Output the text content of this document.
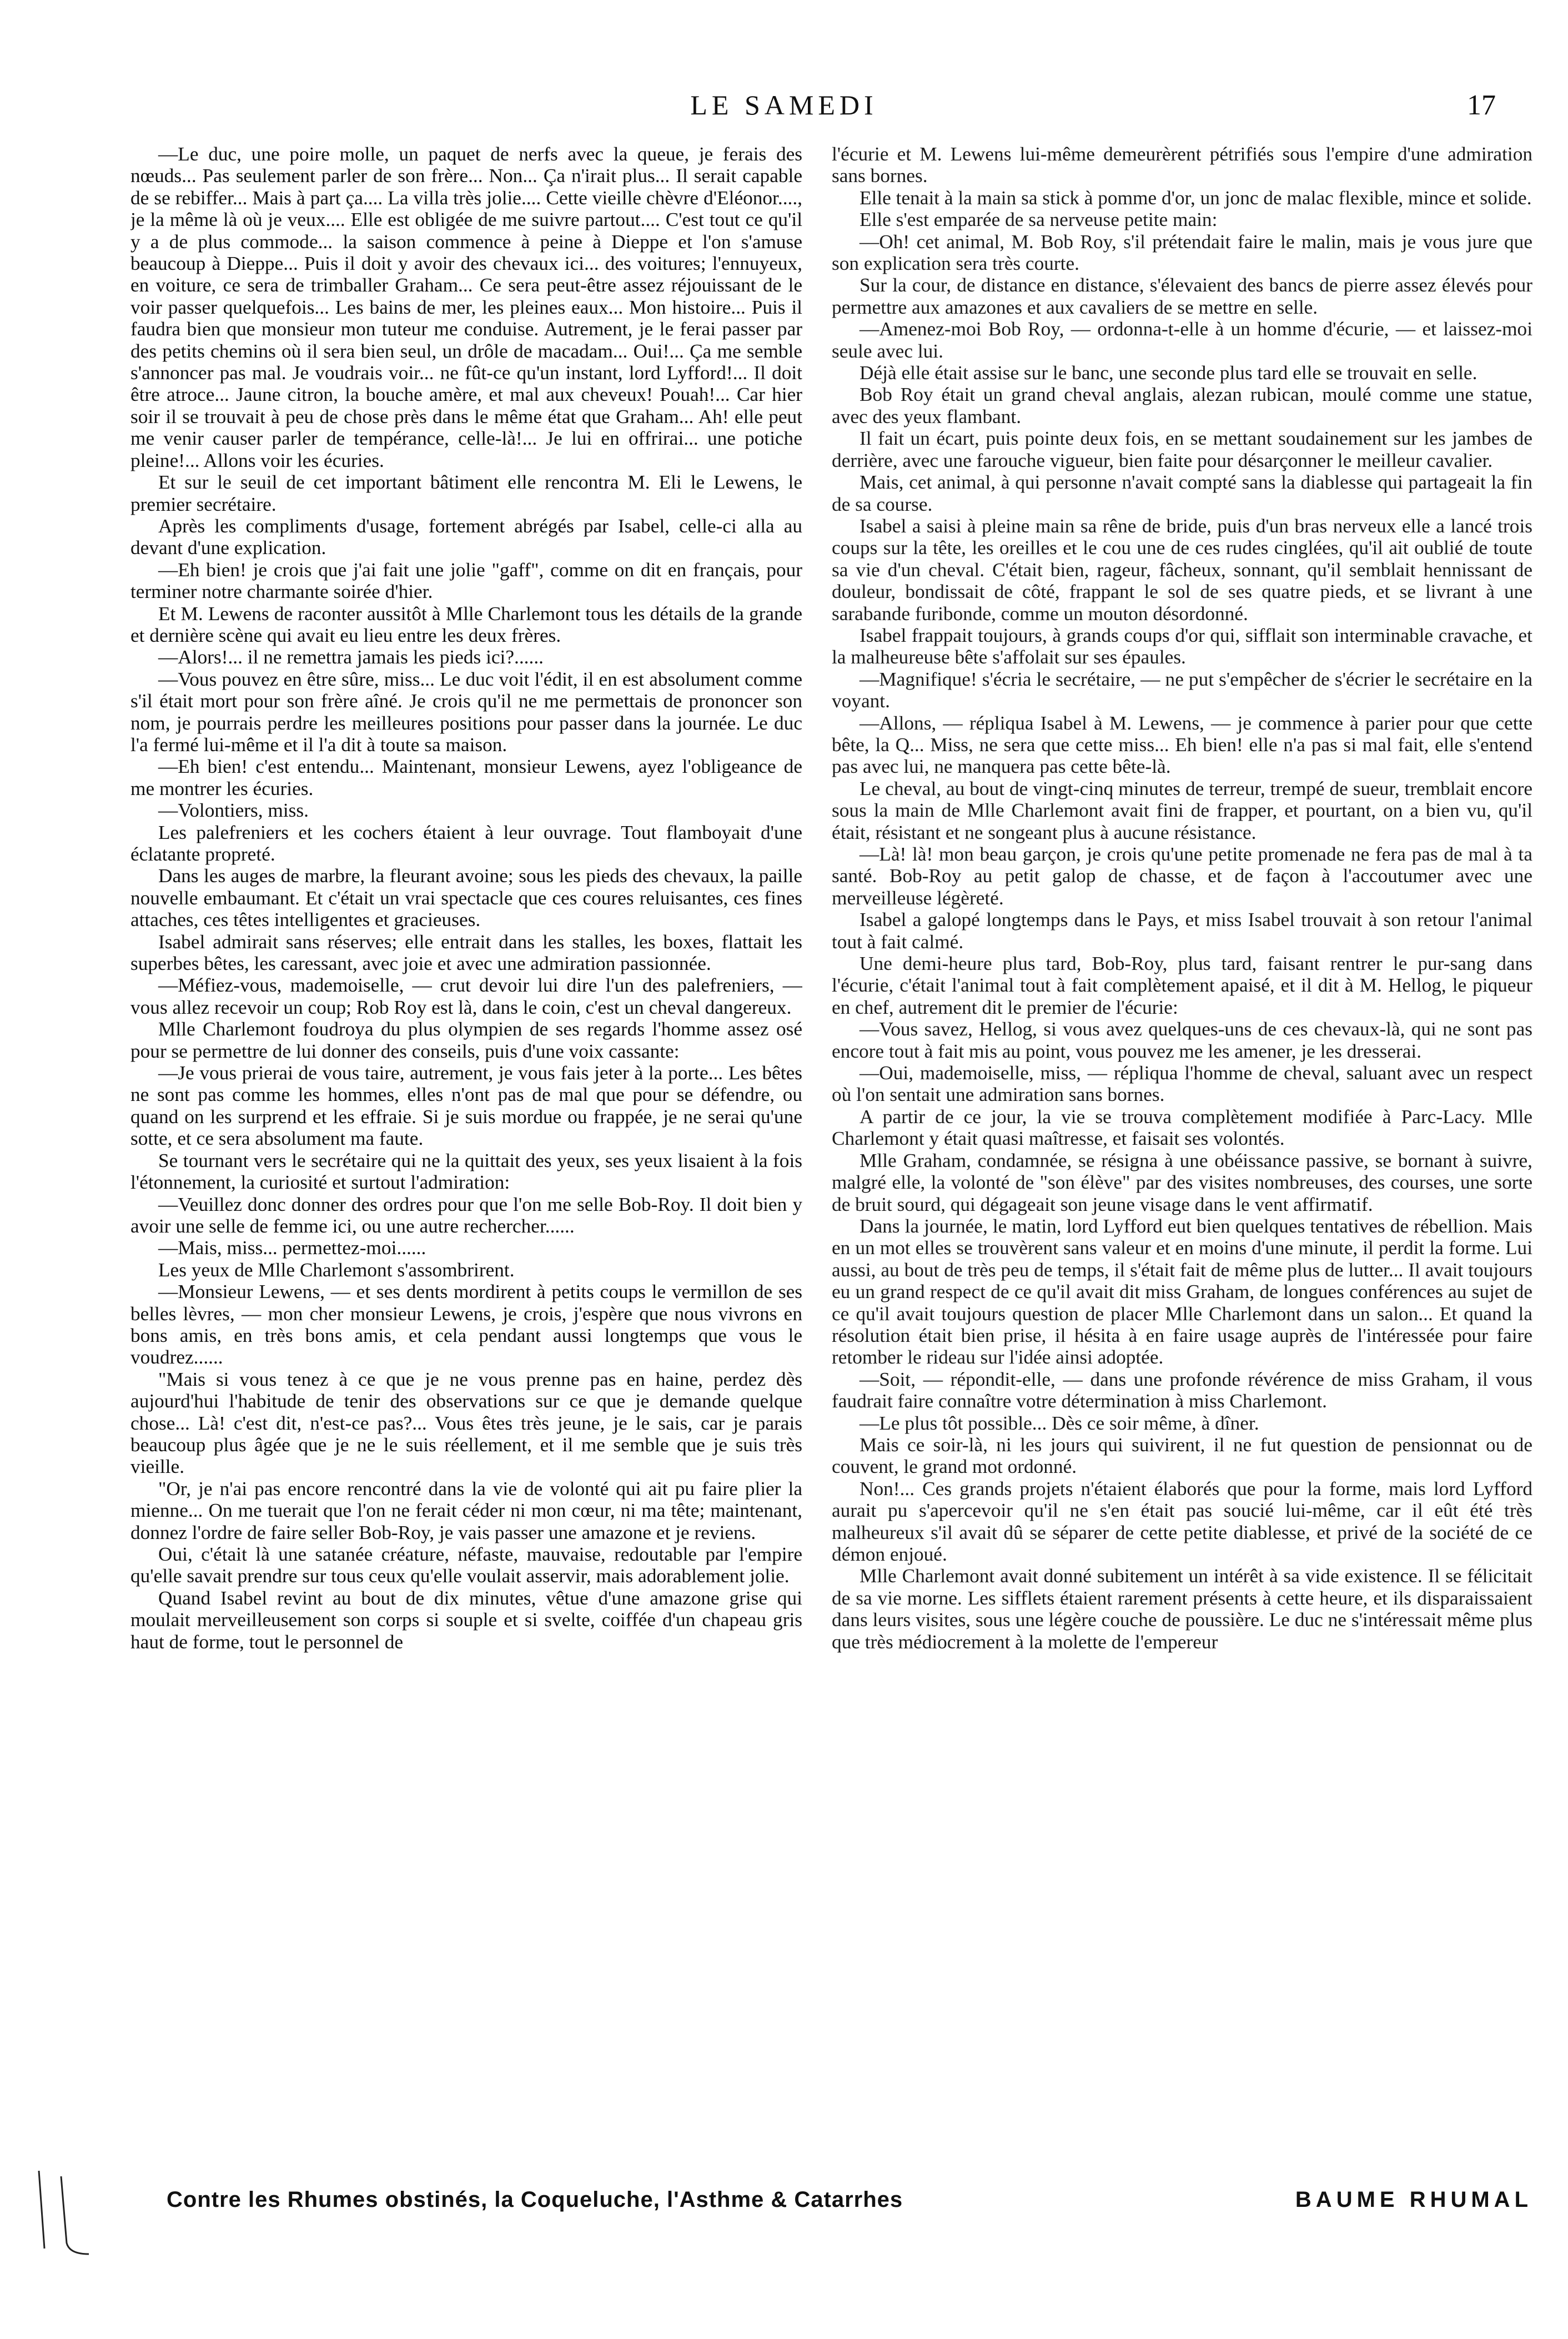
LE SAMEDI	17

—Le duc, une poire molle, un paquet de nerfs avec la queue, je ferais des nœuds... Pas seulement parler de son frère... Non... Ça n'irait plus... Il serait capable de se rebiffer... Mais à part ça.... La villa très jolie.... Cette vieille chèvre d'Eléonor...., je la même là où je veux.... Elle est obligée de me suivre partout.... C'est tout ce qu'il y a de plus commode... la saison commence à peine à Dieppe et l'on s'amuse beaucoup à Dieppe... Puis il doit y avoir des chevaux ici... des voitures; l'ennuyeux, en voiture, ce sera de trimballer Graham... Ce sera peut-être assez réjouissant de le voir passer quelquefois... Les bains de mer, les pleines eaux... Mon histoire... Puis il faudra bien que monsieur mon tuteur me conduise. Autrement, je le ferai passer par des petits chemins où il sera bien seul, un drôle de macadam... Oui!... Ça me semble s'annoncer pas mal. Je voudrais voir... ne fût-ce qu'un instant, lord Lyfford!... Il doit être atroce... Jaune citron, la bouche amère, et mal aux cheveux! Pouah!... Car hier soir il se trouvait à peu de chose près dans le même état que Graham... Ah! elle peut me venir causer parler de tempérance, celle-là!... Je lui en offrirai... une potiche pleine!... Allons voir les écuries.

Et sur le seuil de cet important bâtiment elle rencontra M. Eli le Lewens, le premier secrétaire.

Après les compliments d'usage, fortement abrégés par Isabel, celle-ci alla au devant d'une explication.

—Eh bien! je crois que j'ai fait une jolie "gaff", comme on dit en français, pour terminer notre charmante soirée d'hier.

Et M. Lewens de raconter aussitôt à Mlle Charlemont tous les détails de la grande et dernière scène qui avait eu lieu entre les deux frères.

—Alors!... il ne remettra jamais les pieds ici?......

—Vous pouvez en être sûre, miss... Le duc voit l'édit, il en est absolument comme s'il était mort pour son frère aîné. Je crois qu'il ne me permettais de prononcer son nom, je pourrais perdre les meilleures positions pour passer dans la journée. Le duc l'a fermé lui-même et il l'a dit à toute sa maison.

—Eh bien! c'est entendu... Maintenant, monsieur Lewens, ayez l'obligeance de me montrer les écuries.

—Volontiers, miss.

Les palefreniers et les cochers étaient à leur ouvrage. Tout flamboyait d'une éclatante propreté.

Dans les auges de marbre, la fleurant avoine; sous les pieds des chevaux, la paille nouvelle embaumant. Et c'était un vrai spectacle que ces coures reluisantes, ces fines attaches, ces têtes intelligentes et gracieuses.

Isabel admirait sans réserves; elle entrait dans les stalles, les boxes, flattait les superbes bêtes, les caressant, avec joie et avec une admiration passionnée.

—Méfiez-vous, mademoiselle, — crut devoir lui dire l'un des palefreniers, — vous allez recevoir un coup; Rob Roy est là, dans le coin, c'est un cheval dangereux.

Mlle Charlemont foudroya du plus olympien de ses regards l'homme assez osé pour se permettre de lui donner des conseils, puis d'une voix cassante:

—Je vous prierai de vous taire, autrement, je vous fais jeter à la porte... Les bêtes ne sont pas comme les hommes, elles n'ont pas de mal que pour se défendre, ou quand on les surprend et les effraie. Si je suis mordue ou frappée, je ne serai qu'une sotte, et ce sera absolument ma faute.

Se tournant vers le secrétaire qui ne la quittait des yeux, ses yeux lisaient à la fois l'étonnement, la curiosité et surtout l'admiration:

—Veuillez donc donner des ordres pour que l'on me selle Bob-Roy. Il doit bien y avoir une selle de femme ici, ou une autre rechercher......

—Mais, miss... permettez-moi......

Les yeux de Mlle Charlemont s'assombrirent.

—Monsieur Lewens, — et ses dents mordirent à petits coups le vermillon de ses belles lèvres, — mon cher monsieur Lewens, je crois, j'espère que nous vivrons en bons amis, en très bons amis, et cela pendant aussi longtemps que vous le voudrez......

"Mais si vous tenez à ce que je ne vous prenne pas en haine, perdez dès aujourd'hui l'habitude de tenir des observations sur ce que je demande quelque chose... Là! c'est dit, n'est-ce pas?... Vous êtes très jeune, je le sais, car je parais beaucoup plus âgée que je ne le suis réellement, et il me semble que je suis très vieille.

"Or, je n'ai pas encore rencontré dans la vie de volonté qui ait pu faire plier la mienne... On me tuerait que l'on ne ferait céder ni mon cœur, ni ma tête; maintenant, donnez l'ordre de faire seller Bob-Roy, je vais passer une amazone et je reviens.

Oui, c'était là une satanée créature, néfaste, mauvaise, redoutable par l'empire qu'elle savait prendre sur tous ceux qu'elle voulait asservir, mais adorablement jolie.

Quand Isabel revint au bout de dix minutes, vêtue d'une amazone grise qui moulait merveilleusement son corps si souple et si svelte, coiffée d'un chapeau gris haut de forme, tout le personnel de

l'écurie et M. Lewens lui-même demeurèrent pétrifiés sous l'empire d'une admiration sans bornes.

Elle tenait à la main sa stick à pomme d'or, un jonc de malac flexible, mince et solide.

Elle s'est emparée de sa nerveuse petite main:

—Oh! cet animal, M. Bob Roy, s'il prétendait faire le malin, mais je vous jure que son explication sera très courte.

Sur la cour, de distance en distance, s'élevaient des bancs de pierre assez élevés pour permettre aux amazones et aux cavaliers de se mettre en selle.

—Amenez-moi Bob Roy, — ordonna-t-elle à un homme d'écurie, — et laissez-moi seule avec lui.

Déjà elle était assise sur le banc, une seconde plus tard elle se trouvait en selle.

Bob Roy était un grand cheval anglais, alezan rubican, moulé comme une statue, avec des yeux flambant.

Il fait un écart, puis pointe deux fois, en se mettant soudainement sur les jambes de derrière, avec une farouche vigueur, bien faite pour désarçonner le meilleur cavalier.

Mais, cet animal, à qui personne n'avait compté sans la diablesse qui partageait la fin de sa course.

Isabel a saisi à pleine main sa rêne de bride, puis d'un bras nerveux elle a lancé trois coups sur la tête, les oreilles et le cou une de ces rudes cinglées, qu'il ait oublié de toute sa vie d'un cheval. C'était bien, rageur, fâcheux, sonnant, qu'il semblait hennissant de douleur, bondissait de côté, frappant le sol de ses quatre pieds, et se livrant à une sarabande furibonde, comme un mouton désordonné.

Isabel frappait toujours, à grands coups d'or qui, sifflait son interminable cravache, et la malheureuse bête s'affolait sur ses épaules.

—Magnifique! s'écria le secrétaire, — ne put s'empêcher de s'écrier le secrétaire en la voyant.

—Allons, — répliqua Isabel à M. Lewens, — je commence à parier pour que cette bête, la Q... Miss, ne sera que cette miss... Eh bien! elle n'a pas si mal fait, elle s'entend pas avec lui, ne manquera pas cette bête-là.

Le cheval, au bout de vingt-cinq minutes de terreur, trempé de sueur, tremblait encore sous la main de Mlle Charlemont avait fini de frapper, et pourtant, on a bien vu, qu'il était, résistant et ne songeant plus à aucune résistance.

—Là! là! mon beau garçon, je crois qu'une petite promenade ne fera pas de mal à ta santé. Bob-Roy au petit galop de chasse, et de façon à l'accoutumer avec une merveilleuse légèreté.

Isabel a galopé longtemps dans le Pays, et miss Isabel trouvait à son retour l'animal tout à fait calmé.

Une demi-heure plus tard, Bob-Roy, plus tard, faisant rentrer le pur-sang dans l'écurie, c'était l'animal tout à fait complètement apaisé, et il dit à M. Hellog, le piqueur en chef, autrement dit le premier de l'écurie:

—Vous savez, Hellog, si vous avez quelques-uns de ces chevaux-là, qui ne sont pas encore tout à fait mis au point, vous pouvez me les amener, je les dresserai.

—Oui, mademoiselle, miss, — répliqua l'homme de cheval, saluant avec un respect où l'on sentait une admiration sans bornes.

A partir de ce jour, la vie se trouva complètement modifiée à Parc-Lacy. Mlle Charlemont y était quasi maîtresse, et faisait ses volontés.

Mlle Graham, condamnée, se résigna à une obéissance passive, se bornant à suivre, malgré elle, la volonté de "son élève" par des visites nombreuses, des courses, une sorte de bruit sourd, qui dégageait son jeune visage dans le vent affirmatif.

Dans la journée, le matin, lord Lyfford eut bien quelques tentatives de rébellion. Mais en un mot elles se trouvèrent sans valeur et en moins d'une minute, il perdit la forme. Lui aussi, au bout de très peu de temps, il s'était fait de même plus de lutter... Il avait toujours eu un grand respect de ce qu'il avait dit miss Graham, de longues conférences au sujet de ce qu'il avait toujours question de placer Mlle Charlemont dans un salon... Et quand la résolution était bien prise, il hésita à en faire usage auprès de l'intéressée pour faire retomber le rideau sur l'idée ainsi adoptée.

—Soit, — répondit-elle, — dans une profonde révérence de miss Graham, il vous faudrait faire connaître votre détermination à miss Charlemont.

—Le plus tôt possible... Dès ce soir même, à dîner.

Mais ce soir-là, ni les jours qui suivirent, il ne fut question de pensionnat ou de couvent, le grand mot ordonné.

Non!... Ces grands projets n'étaient élaborés que pour la forme, mais lord Lyfford aurait pu s'apercevoir qu'il ne s'en était pas soucié lui-même, car il eût été très malheureux s'il avait dû se séparer de cette petite diablesse, et privé de la société de ce démon enjoué.

Mlle Charlemont avait donné subitement un intérêt à sa vide existence. Il se félicitait de sa vie morne. Les sifflets étaient rarement présents à cette heure, et ils disparaissaient dans leurs visites, sous une légère couche de poussière. Le duc ne s'intéressait même plus que très médiocrement à la molette de l'empereur

Contre les Rhumes obstinés, la Coqueluche, l'Asthme & Catarrhes	BAUME RHUMAL
